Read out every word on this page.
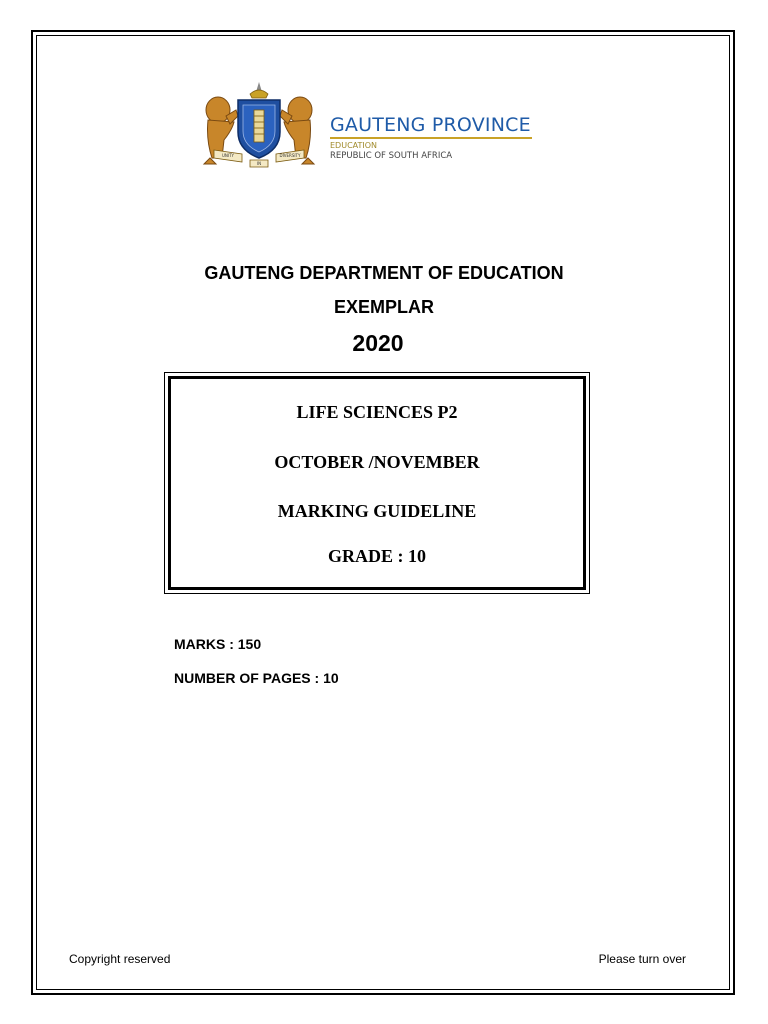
UNITY
IN
DIVERSITY
GAUTENG PROVINCE
EDUCATION
REPUBLIC OF SOUTH AFRICA
GAUTENG DEPARTMENT OF EDUCATION
EXEMPLAR
2020
LIFE SCIENCES P2
OCTOBER /NOVEMBER
MARKING GUIDELINE
GRADE : 10
MARKS : 150
NUMBER OF PAGES : 10
Copyright reserved	Please turn over
